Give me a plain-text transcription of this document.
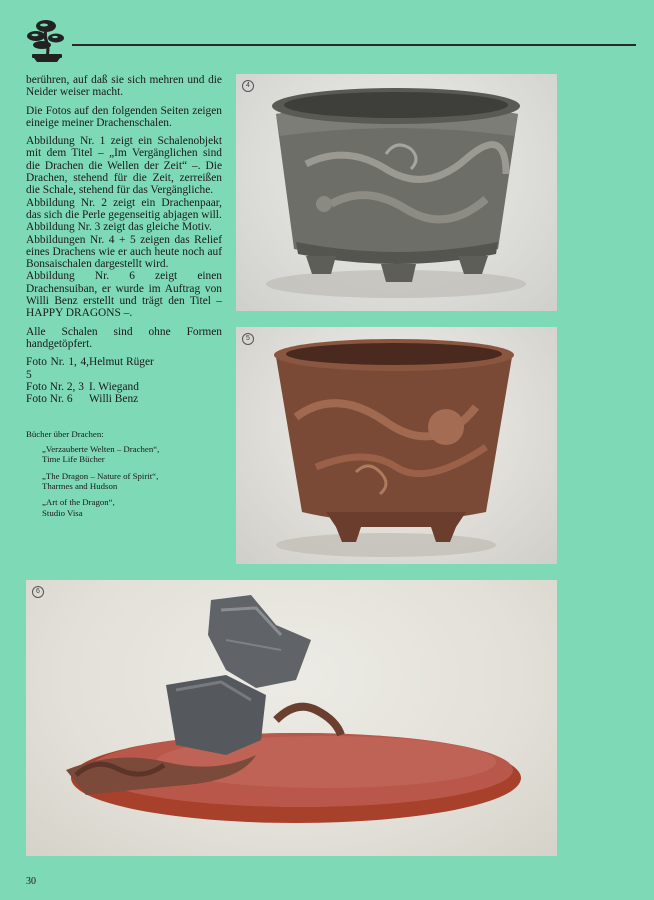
berühren, auf daß sie sich mehren und die Neider weiser macht.

Die Fotos auf den folgenden Seiten zeigen eineige meiner Drachenschalen.

Abbildung Nr. 1 zeigt ein Schalenobjekt mit dem Titel – „Im Vergänglichen sind die Drachen die Wellen der Zeit“ –. Die Drachen, stehend für die Zeit, zerreißen die Schale, stehend für das Vergängliche.

Abbildung Nr. 2 zeigt ein Drachenpaar, das sich die Perle gegenseitig abjagen will.

Abbildung Nr. 3 zeigt das gleiche Motiv.

Abbildungen Nr. 4 + 5 zeigen das Relief eines Drachens wie er auch heute noch auf Bonsaischalen dargestellt wird.

Abbildung Nr. 6 zeigt einen Drachensuiban, er wurde im Auftrag von Willi Benz erstellt und trägt den Titel – HAPPY DRAGONS –.

Alle Schalen sind ohne Formen handgetöpfert.

Foto Nr. 1, 4, 5
Helmut Rüger
Foto Nr. 2, 3 I. Wiegand
Foto Nr. 6	Willi Benz
Bücher über Drachen:
„Verzauberte Welten – Drachen“,
Time Life Bücher
„The Dragon – Nature of Spirit“,
Tharmes and Hudson
„Art of the Dragon“,
Studio Visa
4
5
6
30
